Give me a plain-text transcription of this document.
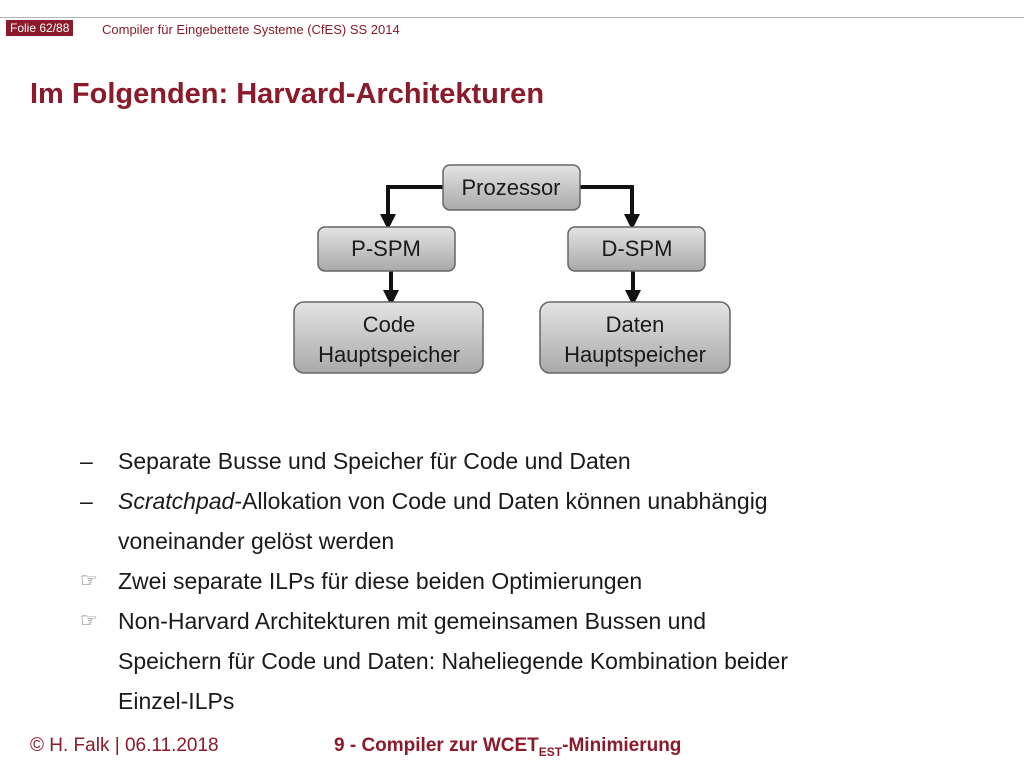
Folie 62/88	Compiler für Eingebettete Systeme (CfES) SS 2014
Im Folgenden: Harvard-Architekturen
Prozessor
P-SPM	D-SPM
Code
Hauptspeicher
Daten
Hauptspeicher
–	Separate Busse und Speicher für Code und Daten
–	Scratchpad-Allokation von Code und Daten können unabhängig
voneinander gelöst werden
☞ Zwei separate ILPs für diese beiden Optimierungen
☞ Non-Harvard Architekturen mit gemeinsamen Bussen und
Speichern für Code und Daten: Naheliegende Kombination beider
Einzel-ILPs
© H. Falk | 06.11.2018	9 - Compiler zur $WCET_{EST}$-Minimierung
